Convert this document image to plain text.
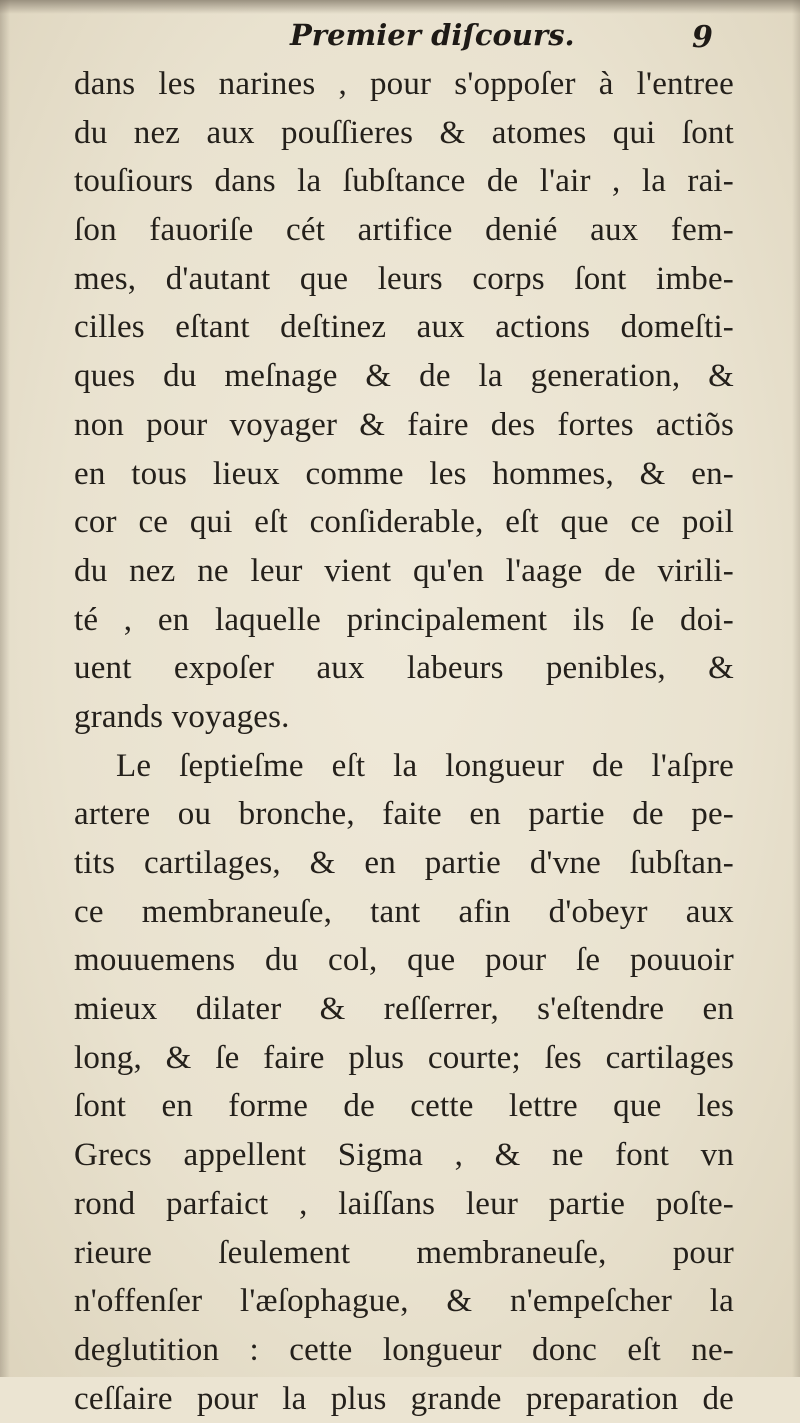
Premier diſcours.	9
dans les narines , pour s'oppoſer à l'entree
du nez aux pouſſieres & atomes qui ſont
touſiours dans la ſubſtance de l'air , la rai-
ſon fauoriſe cét artifice denié aux fem-
mes, d'autant que leurs corps ſont imbe-
cilles eſtant deſtinez aux actions domeſti-
ques du meſnage & de la generation, &
non pour voyager & faire des fortes actiõs
en tous lieux comme les hommes, & en-
cor ce qui eſt conſiderable, eſt que ce poil
du nez ne leur vient qu'en l'aage de virili-
té , en laquelle principalement ils ſe doi-
uent expoſer aux labeurs penibles, &
grands voyages.
Le ſeptieſme eſt la longueur de l'aſpre
artere ou bronche, faite en partie de pe-
tits cartilages, & en partie d'vne ſubſtan-
ce membraneuſe, tant afin d'obeyr aux
mouuemens du col, que pour ſe pouuoir
mieux dilater & reſſerrer, s'eſtendre en
long, & ſe faire plus courte; ſes cartilages
ſont en forme de cette lettre que les
Grecs appellent Sigma , & ne font vn
rond parfaict , laiſſans leur partie poſte-
rieure ſeulement membraneuſe, pour
n'offenſer l'æſophague, & n'empeſcher la
deglutition : cette longueur donc eſt ne-
ceſſaire pour la plus grande preparation de
